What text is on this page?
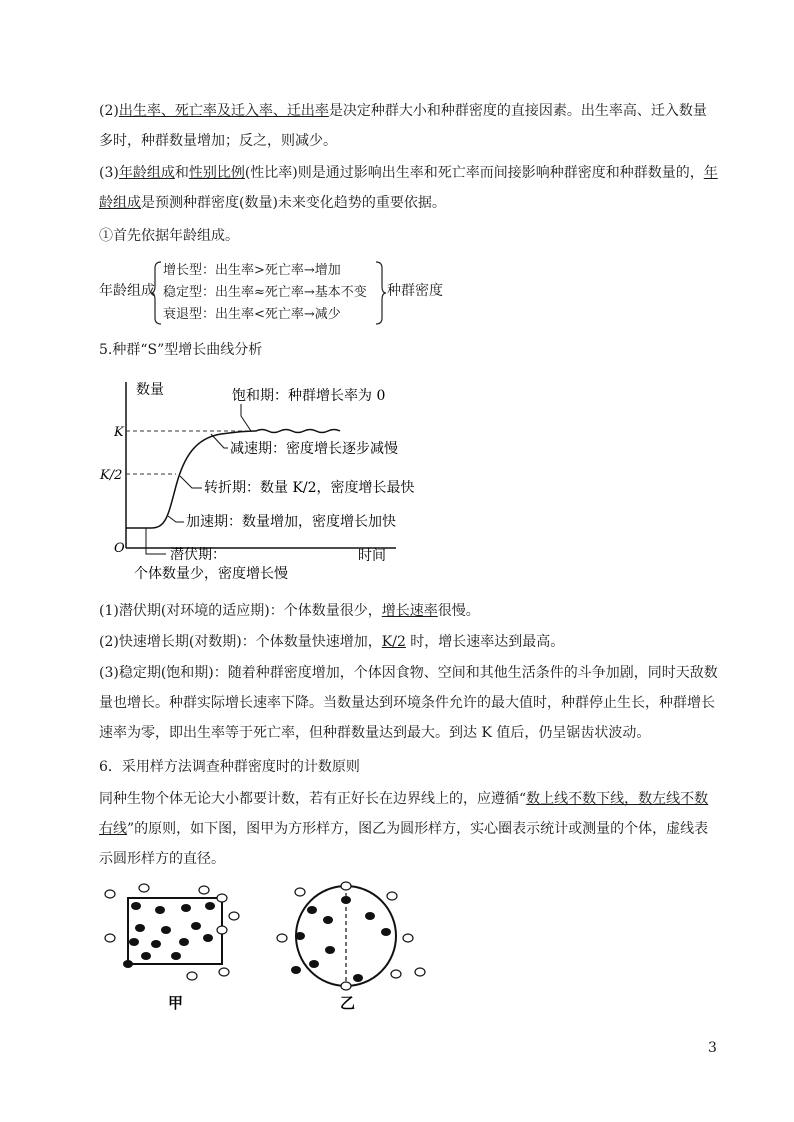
(2)出生率、死亡率及迁入率、迁出率是决定种群大小和种群密度的直接因素。出生率高、迁入数量多时，种群数量增加；反之，则减少。

(3)年龄组成和性别比例(性比率)则是通过影响出生率和死亡率而间接影响种群密度和种群数量的，年龄组成是预测种群密度(数量)未来变化趋势的重要依据。

①首先依据年龄组成。

年龄组成
增长型：出生率>死亡率→增加
稳定型：出生率≈死亡率→基本不变
衰退型：出生率<死亡率→减少
种群密度

5.种群“S”型增长曲线分析

数量
时间
O
K
K/2
饱和期：种群增长率为 0
减速期：密度增长逐步减慢
转折期：数量 K/2，密度增长最快
加速期：数量增加，密度增长加快
潜伏期：
个体数量少，密度增长慢

(1)潜伏期(对环境的适应期)：个体数量很少，增长速率很慢。

(2)快速增长期(对数期)：个体数量快速增加，K/2 时，增长速率达到最高。

(3)稳定期(饱和期)：随着种群密度增加，个体因食物、空间和其他生活条件的斗争加剧，同时天敌数量也增长。种群实际增长速率下降。当数量达到环境条件允许的最大值时，种群停止生长，种群增长速率为零，即出生率等于死亡率，但种群数量达到最大。到达 K 值后，仍呈锯齿状波动。

6．采用样方法调查种群密度时的计数原则

同种生物个体无论大小都要计数，若有正好长在边界线上的，应遵循“数上线不数下线，数左线不数右线”的原则，如下图，图甲为方形样方，图乙为圆形样方，实心圈表示统计或测量的个体，虚线表示圆形样方的直径。

甲	乙
3
